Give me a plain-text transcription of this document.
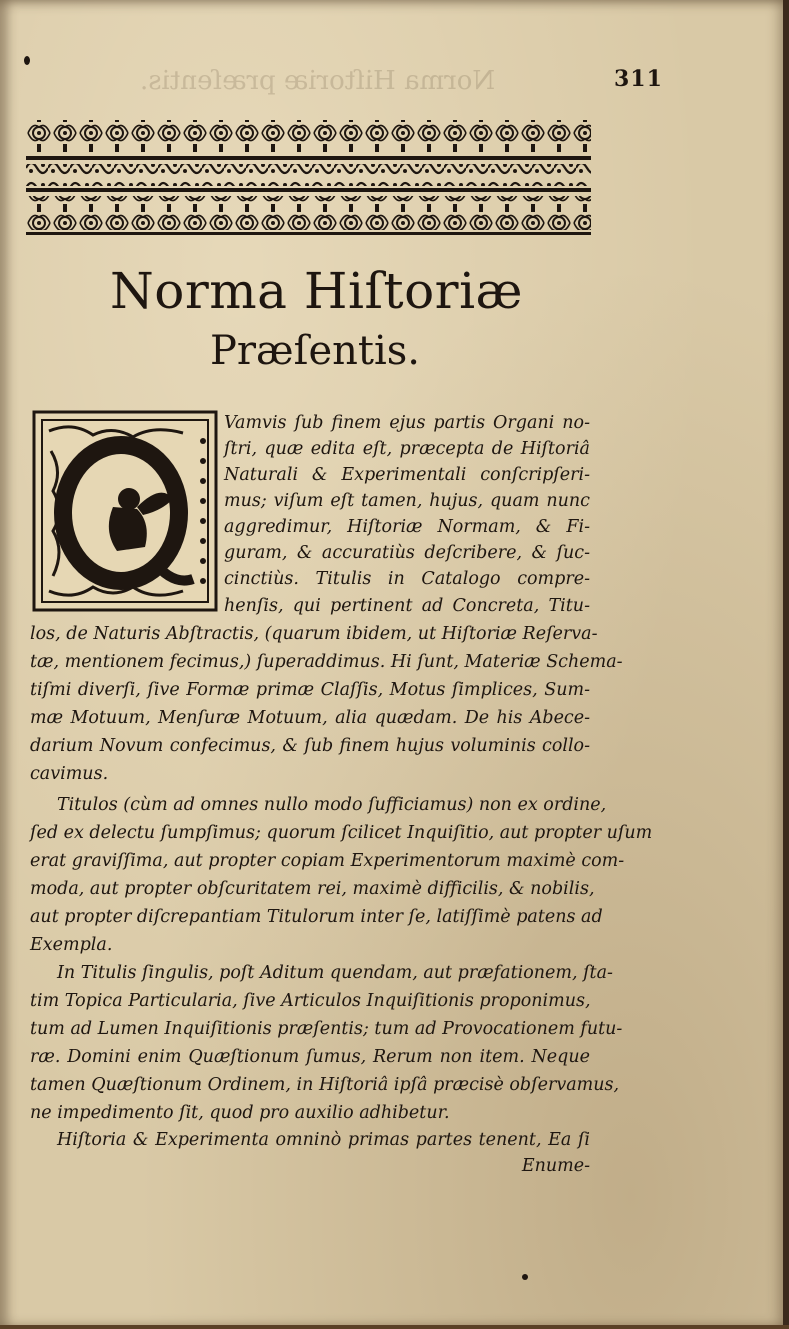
Norma Hiſtoriæ præſentis.	311
Norma Hiſtoriæ
Præſentis.
Q
Vamvis ſub finem ejus partis Organi no-
ſtri, quæ edita eſt, præcepta de Hiſtoriâ
Naturali & Experimentali conſcripſeri-
mus; viſum eſt tamen, hujus, quam nunc
aggredimur, Hiſtoriæ Normam, & Fi-
guram, & accuratiùs deſcribere, & ſuc-
cinctiùs. Titulis in Catalogo compre-
henſis, qui pertinent ad Concreta, Titu-
los, de Naturis Abſtractis, (quarum ibidem, ut Hiſtoriæ Reſerva-
tæ, mentionem fecimus,) ſuperaddimus. Hi ſunt, Materiæ Schema-
tiſmi diverſi, ſive Formæ primæ Claſſis, Motus ſimplices, Sum-
mæ Motuum, Menſuræ Motuum, alia quædam. De his Abece-
darium Novum confecimus, & ſub finem hujus voluminis collo-
cavimus.
Titulos (cùm ad omnes nullo modo ſufficiamus) non ex ordine,
ſed ex delectu ſumpſimus; quorum ſcilicet Inquiſitio, aut propter uſum
erat graviſſima, aut propter copiam Experimentorum maximè com-
moda, aut propter obſcuritatem rei, maximè difficilis, & nobilis,
aut propter diſcrepantiam Titulorum inter ſe, latiſſimè patens ad
Exempla.
In Titulis ſingulis, poſt Aditum quendam, aut præfationem, ſta-
tim Topica Particularia, ſive Articulos Inquiſitionis proponimus,
tum ad Lumen Inquiſitionis præſentis; tum ad Provocationem futu-
ræ. Domini enim Quæſtionum ſumus, Rerum non item. Neque
tamen Quæſtionum Ordinem, in Hiſtoriâ ipſâ præcisè obſervamus,
ne impedimento ſit, quod pro auxilio adhibetur.
Hiſtoria & Experimenta omninò primas partes tenent, Ea ſi
Enume-
